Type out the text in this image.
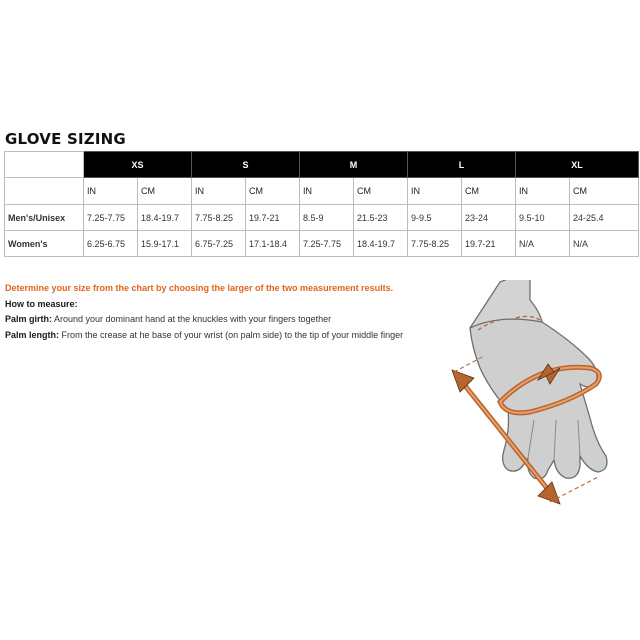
GLOVE SIZING
	XS		S		M		L		XL	
	IN	CM	IN	CM	IN	CM	IN	CM	IN	CM
Men's/Unisex	7.25-7.75	18.4-19.7	7.75-8.25	19.7-21	8.5-9	21.5-23	9-9.5	23-24	9.5-10	24-25.4
Women's	6.25-6.75	15.9-17.1	6.75-7.25	17.1-18.4	7.25-7.75	18.4-19.7	7.75-8.25	19.7-21	N/A	N/A
Determine your size from the chart by choosing the larger of the two measurement results.
How to measure:
Palm girth: Around your dominant hand at the knuckles with your fingers together
Palm length: From the crease at he base of your wrist (on palm side) to the tip of your middle finger
